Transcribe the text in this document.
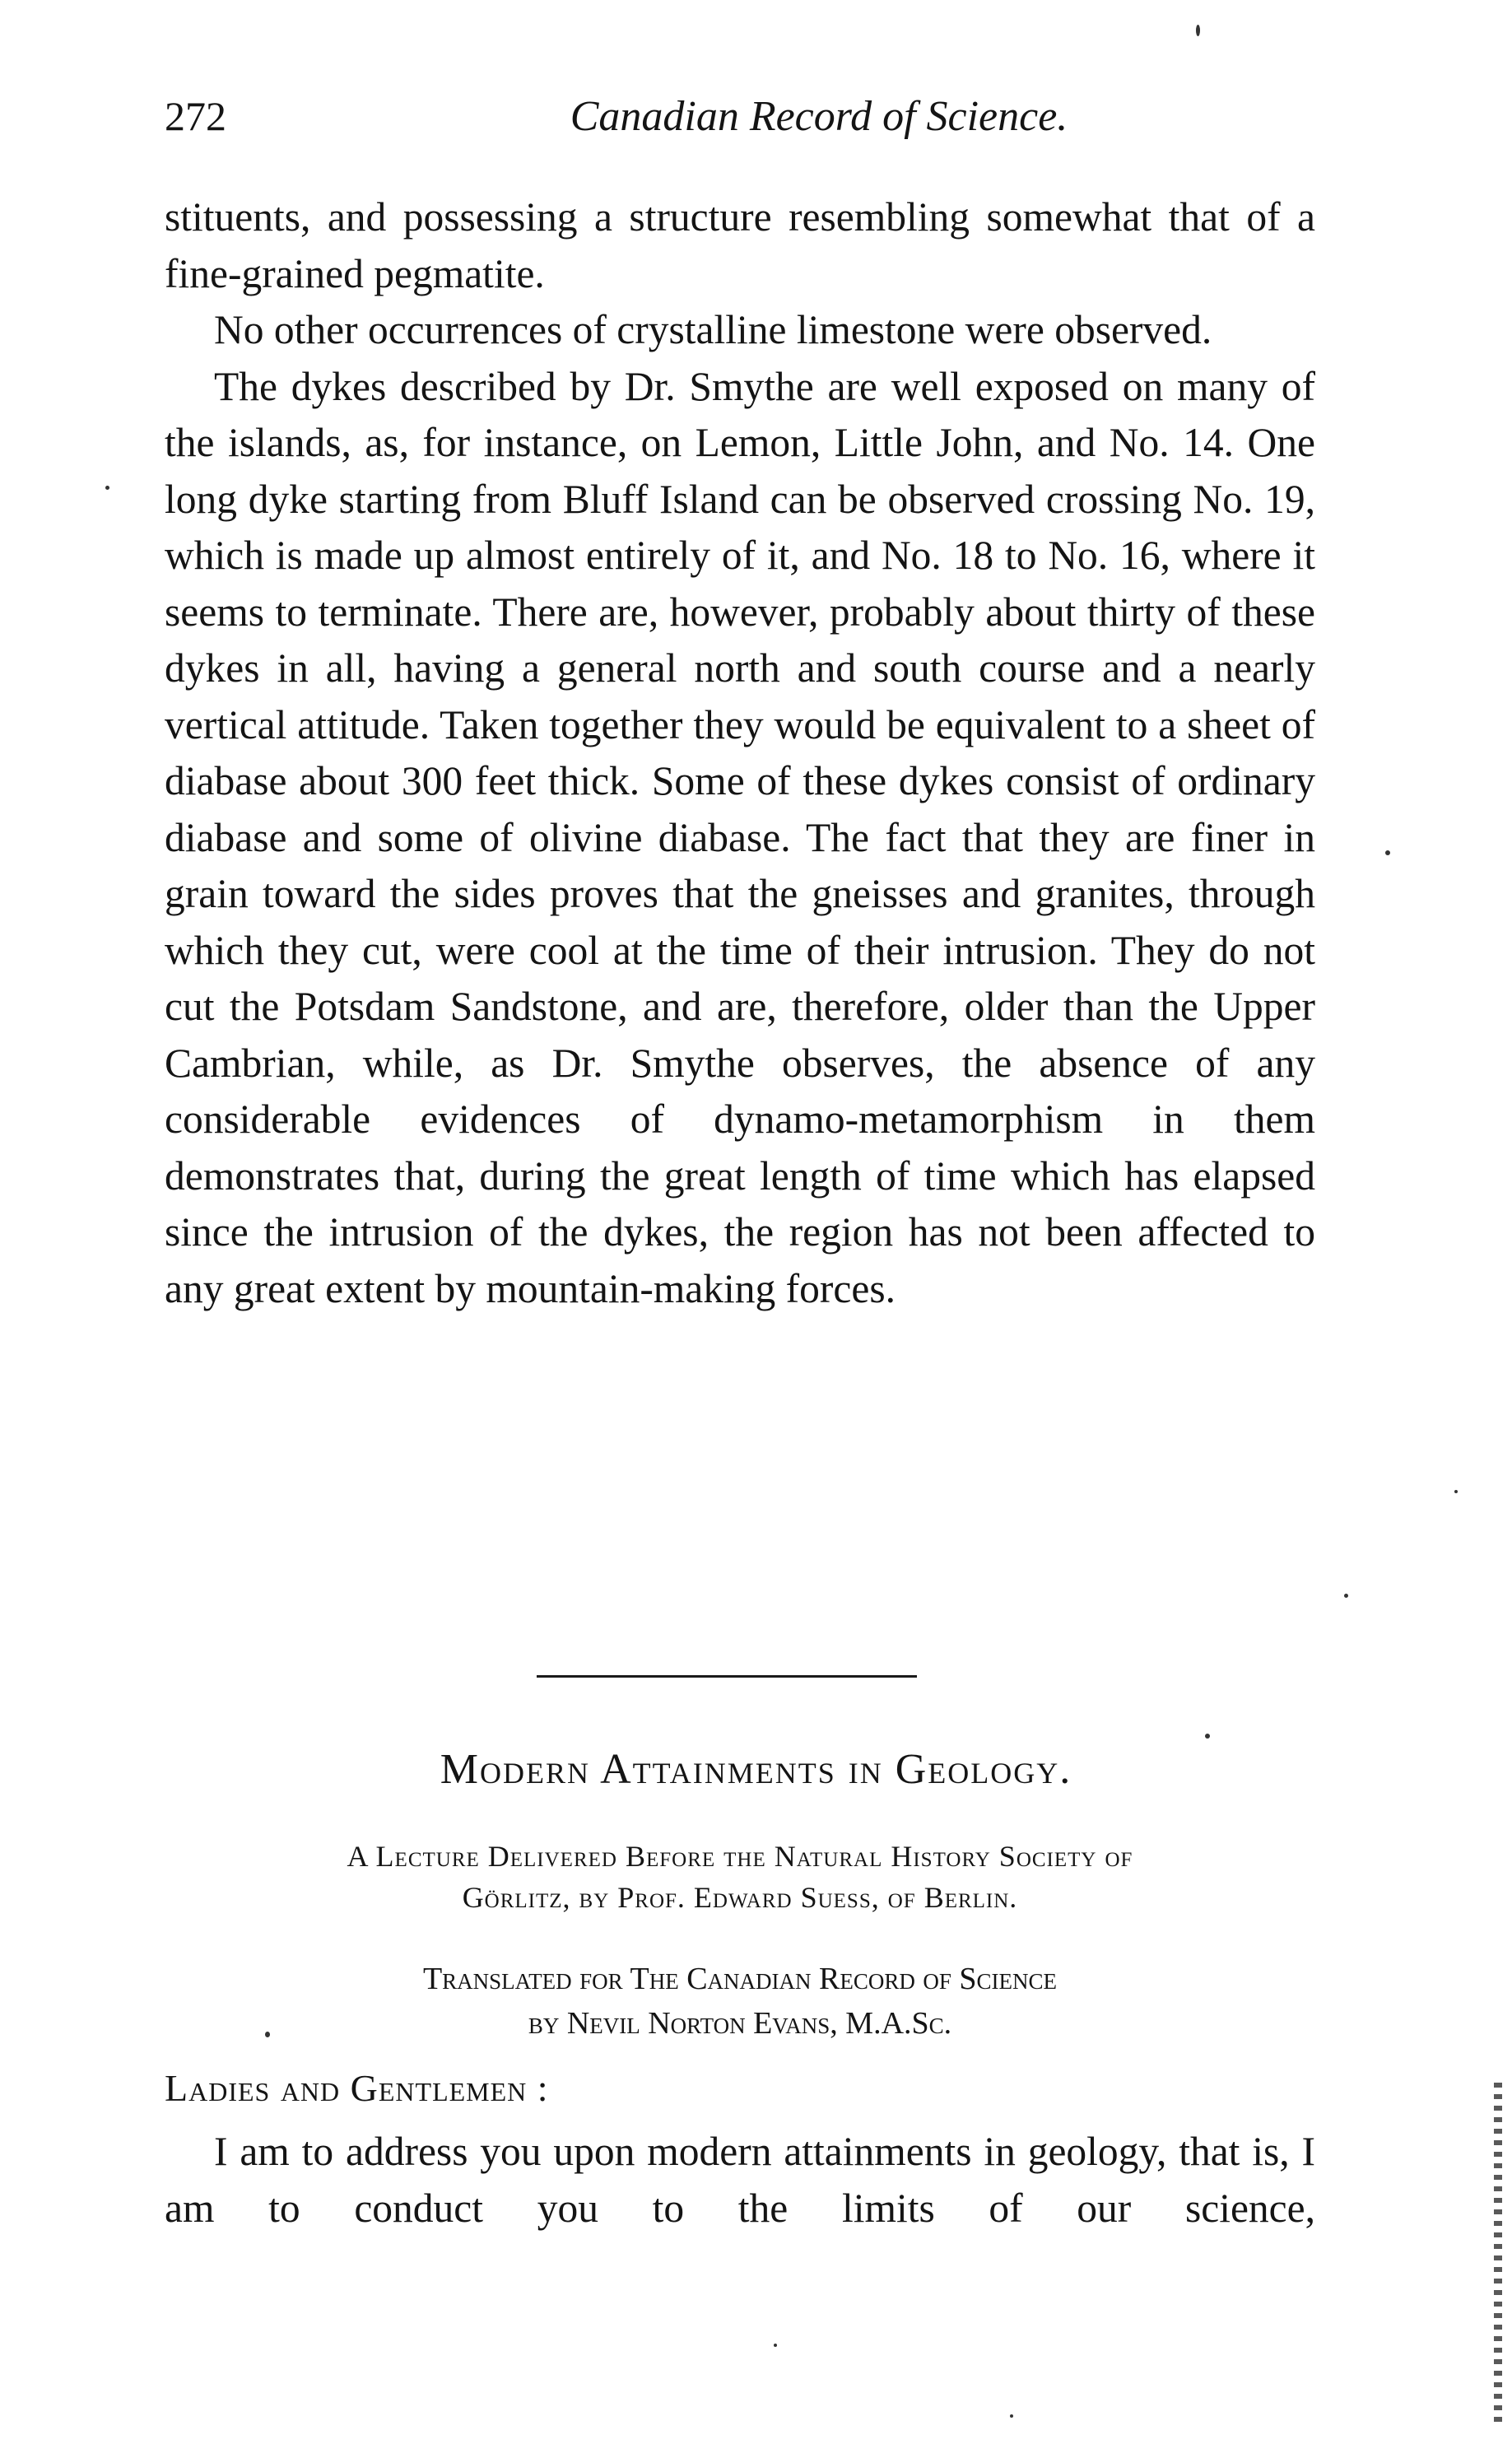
272	Canadian Record of Science.

stituents, and possessing a structure resembling somewhat that of a fine-grained pegmatite.

No other occurrences of crystalline limestone were observed.

The dykes described by Dr. Smythe are well exposed on many of the islands, as, for instance, on Lemon, Little John, and No. 14. One long dyke starting from Bluff Island can be observed crossing No. 19, which is made up almost entirely of it, and No. 18 to No. 16, where it seems to terminate. There are, however, probably about thirty of these dykes in all, having a general north and south course and a nearly vertical attitude. Taken together they would be equivalent to a sheet of diabase about 300 feet thick. Some of these dykes consist of ordinary diabase and some of olivine diabase. The fact that they are finer in grain toward the sides proves that the gneisses and granites, through which they cut, were cool at the time of their intrusion. They do not cut the Potsdam Sandstone, and are, therefore, older than the Upper Cambrian, while, as Dr. Smythe observes, the absence of any considerable evidences of dynamo-metamorphism in them demonstrates that, during the great length of time which has elapsed since the intrusion of the dykes, the region has not been affected to any great extent by mountain-making forces.

Modern Attainments in Geology.
A Lecture Delivered Before the Natural History Society of
Görlitz, by Prof. Edward Suess, of Berlin.
Translated for The Canadian Record of Science
by Nevil Norton Evans, M.A.Sc.
Ladies and Gentlemen :

I am to address you upon modern attainments in geology, that is, I am to conduct you to the limits of our science,
